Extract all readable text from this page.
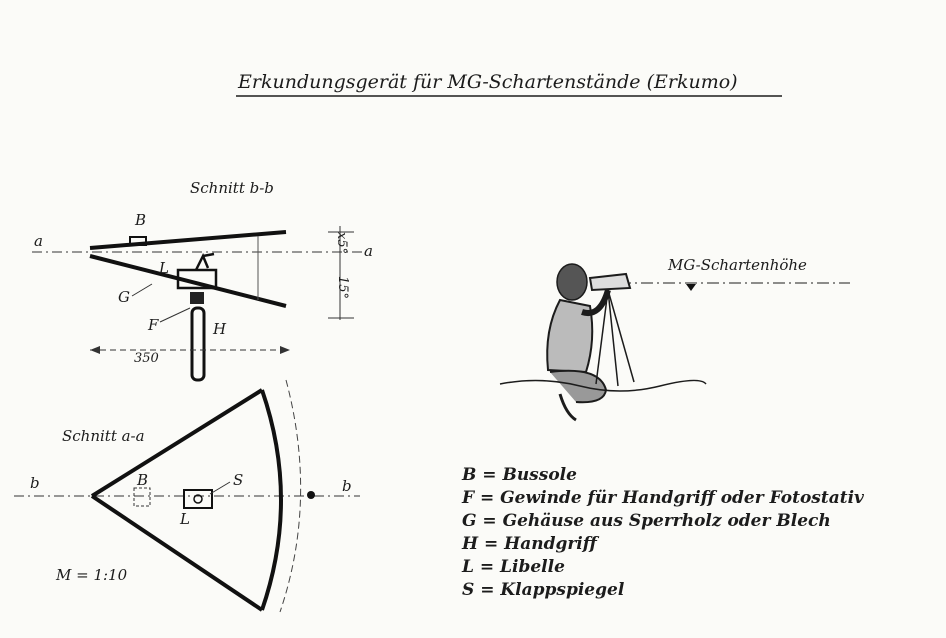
Erkundungsgerät für MG-Schartenstände (Erkumo)
Schnitt b-b
a
a
B
L
G
F	H
350
x5°
15°
Schnitt a-a
b	b
B	S
L
M = 1:10
MG-Schartenhöhe
B = Bussole
F = Gewinde für Handgriff oder Fotostativ
G = Gehäuse aus Sperrholz oder Blech
H = Handgriff
L = Libelle
S = Klappspiegel
